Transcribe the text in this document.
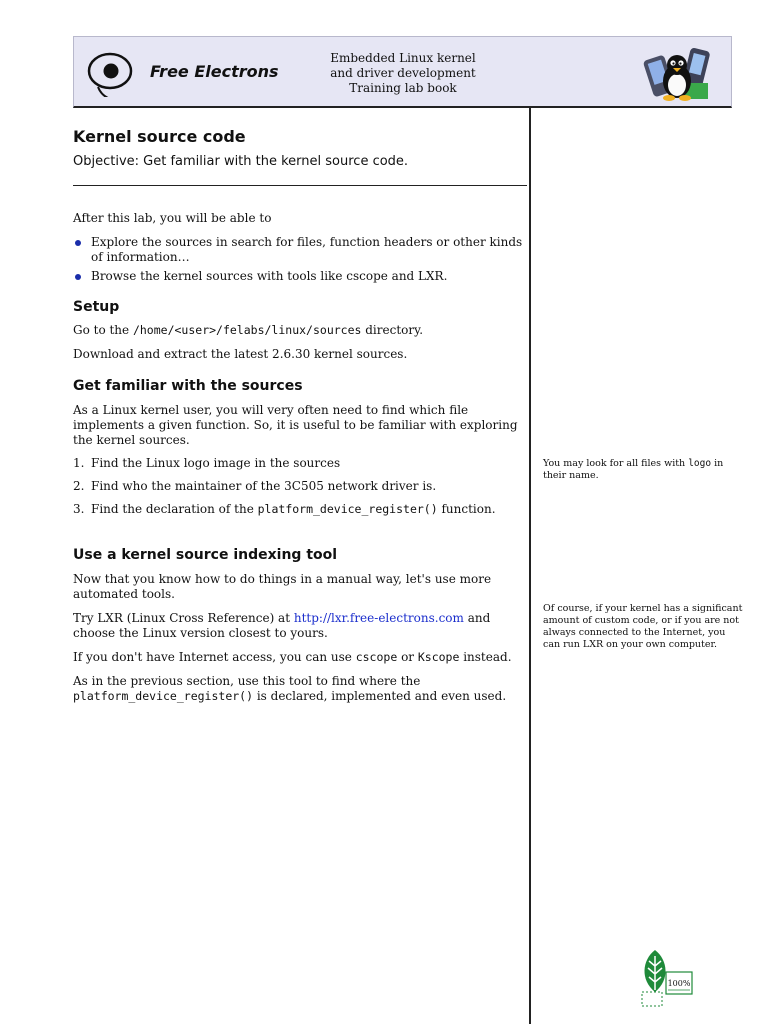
Free Electrons
Embedded Linux kernel
and driver development
Training lab book
Kernel source code

Objective: Get familiar with the kernel source code.

After this lab, you will be able to

Explore the sources in search for files, function headers or other kinds of information…
Browse the kernel sources with tools like cscope and LXR.
Setup

Go to the /home/<user>/felabs/linux/sources directory.

Download and extract the latest 2.6.30 kernel sources.

Get familiar with the sources

As a Linux kernel user, you will very often need to find which file implements a given function. So, it is useful to be familiar with exploring the kernel sources.

1. Find the Linux logo image in the sources
2. Find who the maintainer of the 3C505 network driver is.
3. Find the declaration of the platform_device_register() function.
Use a kernel source indexing tool

Now that you know how to do things in a manual way, let's use more automated tools.

Try LXR (Linux Cross Reference) at http://lxr.free-electrons.com and choose the Linux version closest to yours.

If you don't have Internet access, you can use cscope or Kscope instead.

As in the previous section, use this tool to find where the platform_device_register() is declared, implemented and even used.

You may look for all files with logo in their name.
Of course, if your kernel has a significant amount of custom code, or if you are not always connected to the Internet, you can run LXR on your own computer.
100%
